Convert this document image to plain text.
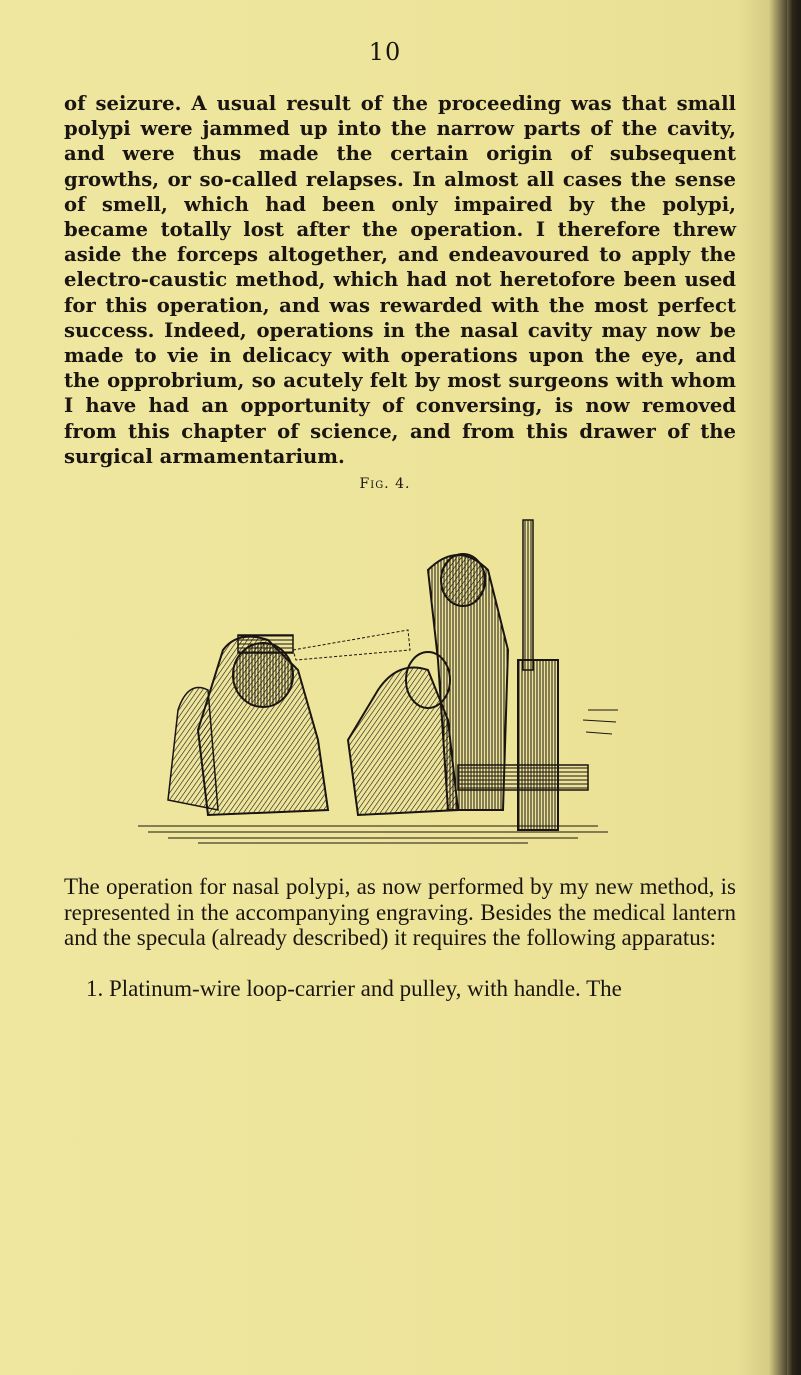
10

of seizure. A usual result of the proceeding was that small polypi were jammed up into the narrow parts of the cavity, and were thus made the certain origin of subsequent growths, or so-called relapses. In almost all cases the sense of smell, which had been only impaired by the polypi, became totally lost after the operation. I therefore threw aside the forceps altogether, and endeavoured to apply the electro-caustic method, which had not heretofore been used for this operation, and was rewarded with the most perfect success. Indeed, operations in the nasal cavity may now be made to vie in delicacy with operations upon the eye, and the opprobrium, so acutely felt by most surgeons with whom I have had an opportunity of conversing, is now removed from this chapter of science, and from this drawer of the surgical armamentarium.

Fig. 4.

The operation for nasal polypi, as now performed by my new method, is represented in the accompanying engraving. Besides the medical lantern and the specula (already described) it requires the following apparatus:

1. Platinum-wire loop-carrier and pulley, with handle. The
